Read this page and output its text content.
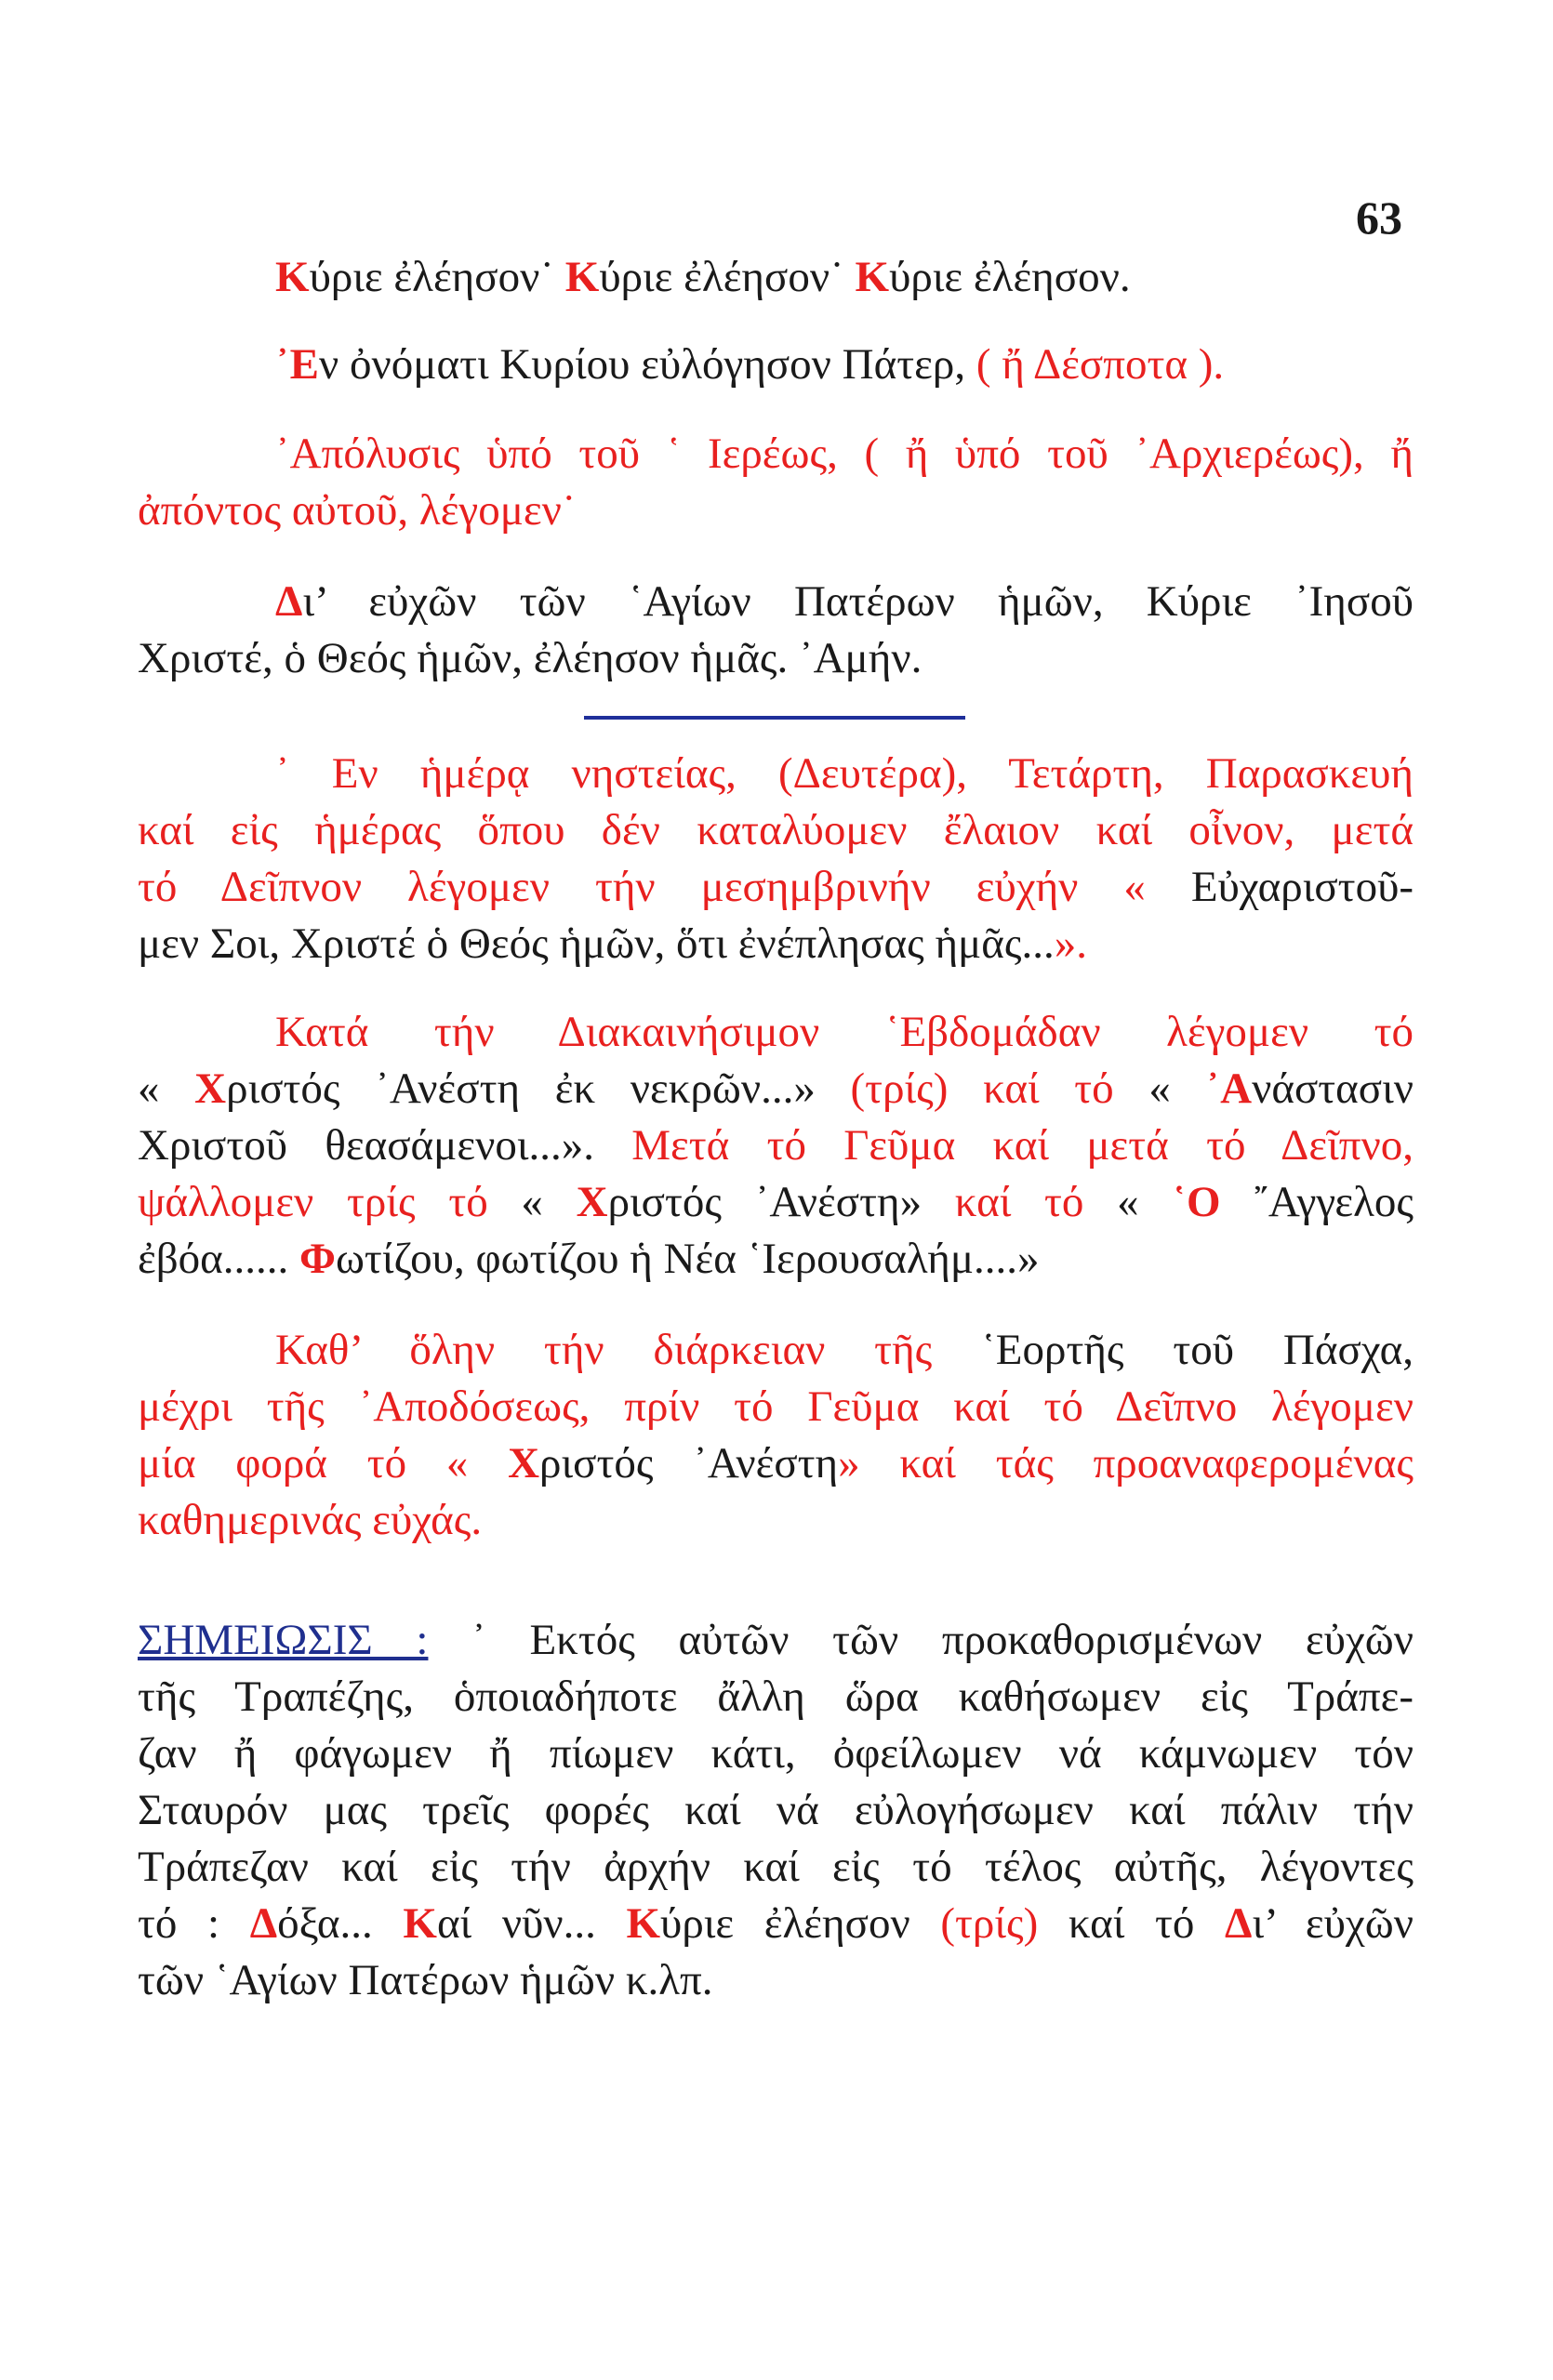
63
Κύριε ἐλέησον˙ Κύριε ἐλέησον˙ Κύριε ἐλέησον.
᾿Εν ὀνόματι Κυρίου εὐλόγησον Πάτερ, ( ἤ Δέσποτα ).
᾿Απόλυσις ὑπό τοῦ ῾ Ιερέως, ( ἤ ὑπό τοῦ ᾿Αρχιερέως), ἤ
ἀπόντος αὐτοῦ, λέγομεν˙
Δι’ εὐχῶν τῶν ῾Αγίων Πατέρων ἡμῶν, Κύριε ᾿Ιησοῦ
Χριστέ, ὁ Θεός ἡμῶν, ἐλέησον ἡμᾶς. ᾿Αμήν.
᾿ Εν ἡμέρᾳ νηστείας, (Δευτέρα), Τετάρτη, Παρασκευή
καί εἰς ἡμέρας ὅπου δέν καταλύομεν ἔλαιον καί οἶνον, μετά
τό Δεῖπνον λέγομεν τήν μεσημβρινήν εὐχήν « Εὐχαριστοῦ-
μεν Σοι, Χριστέ ὁ Θεός ἡμῶν, ὅτι ἐνέπλησας ἡμᾶς...».
Κατά τήν Διακαινήσιμον ῾Εβδομάδαν λέγομεν τό
« Χριστός ᾿Ανέστη ἐκ νεκρῶν...» (τρίς) καί τό « ᾿Ανάστασιν
Χριστοῦ θεασάμενοι...». Μετά τό Γεῦμα καί μετά τό Δεῖπνο,
ψάλλομεν τρίς τό « Χριστός ᾿Ανέστη» καί τό « ῾Ο ῎Αγγελος
ἐβόα...... Φωτίζου, φωτίζου ἡ Νέα ῾Ιερουσαλήμ....»
Καθ’ ὅλην τήν διάρκειαν τῆς ῾Εορτῆς τοῦ Πάσχα,
μέχρι τῆς ᾿Αποδόσεως, πρίν τό Γεῦμα καί τό Δεῖπνο λέγομεν
μία φορά τό « Χριστός ᾿Ανέστη» καί τάς προαναφερομένας
καθημερινάς εὐχάς.
ΣΗΜΕΙΩΣΙΣ : ᾿ Εκτός αὐτῶν τῶν προκαθορισμένων εὐχῶν
τῆς Τραπέζης, ὁποιαδήποτε ἄλλη ὥρα καθήσωμεν εἰς Τράπε-
ζαν ἤ φάγωμεν ἤ πίωμεν κάτι, ὀφείλωμεν νά κάμνωμεν τόν
Σταυρόν μας τρεῖς φορές καί νά εὐλογήσωμεν καί πάλιν τήν
Τράπεζαν καί εἰς τήν ἀρχήν καί εἰς τό τέλος αὐτῆς, λέγοντες
τό : Δόξα... Καί νῦν... Κύριε ἐλέησον (τρίς) καί τό Δι’ εὐχῶν
τῶν ῾Αγίων Πατέρων ἡμῶν κ.λπ.
